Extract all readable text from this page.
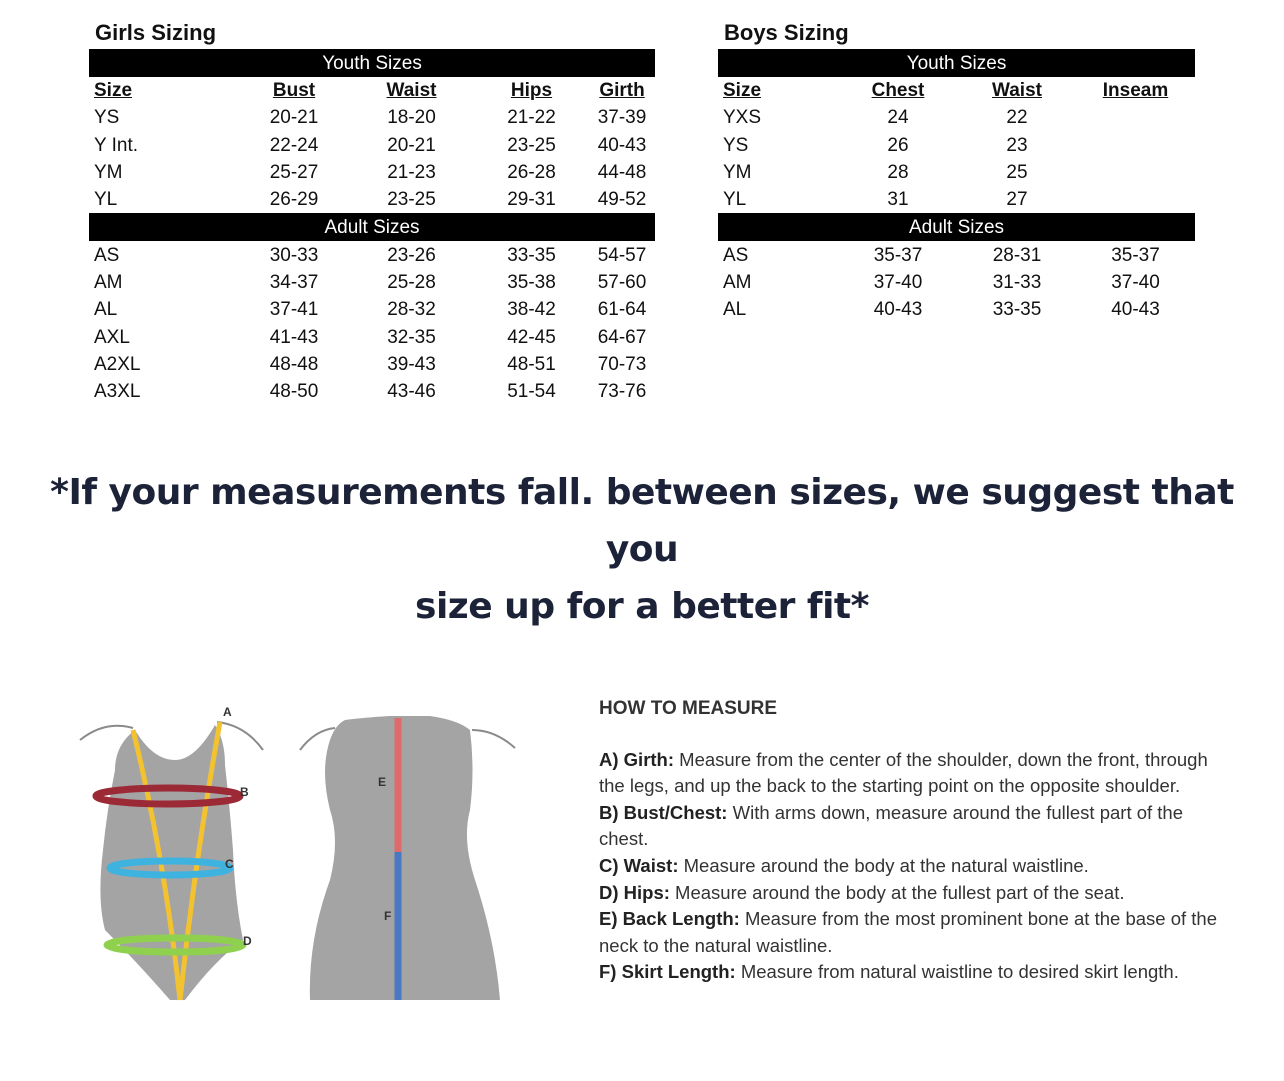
Girls Sizing
Youth Sizes				
Size	Bust	Waist	Hips	Girth
YS	20-21	18-20	21-22	37-39
Y Int.	22-24	20-21	23-25	40-43
YM	25-27	21-23	26-28	44-48
YL	26-29	23-25	29-31	49-52
Adult Sizes				
AS	30-33	23-26	33-35	54-57
AM	34-37	25-28	35-38	57-60
AL	37-41	28-32	38-42	61-64
AXL	41-43	32-35	42-45	64-67
A2XL	48-48	39-43	48-51	70-73
A3XL	48-50	43-46	51-54	73-76
Boys Sizing
Youth Sizes			
Size	Chest	Waist	Inseam
YXS	24	22	
YS	26	23	
YM	28	25	
YL	31	27	
Adult Sizes			
AS	35-37	28-31	35-37
AM	37-40	31-33	37-40
AL	40-43	33-35	40-43
*If your measurements fall. between sizes, we suggest that you
size up for a better fit*
A
B
C
D
E
F
HOW TO MEASURE

A) Girth: Measure from the center of the shoulder, down the front, through the legs, and up the back to the starting point on the opposite shoulder.

B) Bust/Chest: With arms down, measure around the fullest part of the chest.

C) Waist: Measure around the body at the natural waistline.

D) Hips: Measure around the body at the fullest part of the seat.

E) Back Length: Measure from the most prominent bone at the base of the neck to the natural waistline.

F) Skirt Length: Measure from natural waistline to desired skirt length.
